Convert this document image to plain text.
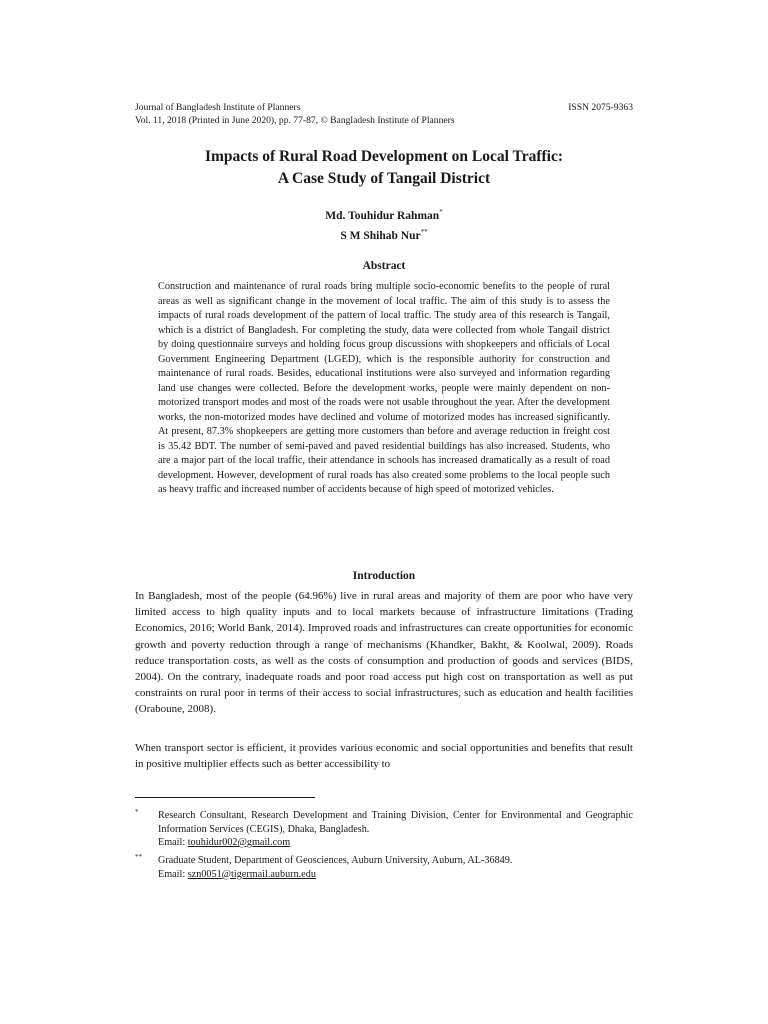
Journal of Bangladesh Institute of Planners	ISSN 2075-9363
Vol. 11, 2018 (Printed in June 2020), pp. 77-87, © Bangladesh Institute of Planners
Impacts of Rural Road Development on Local Traffic:
A Case Study of Tangail District
Md. Touhidur Rahman*
S M Shihab Nur**
Abstract

Construction and maintenance of rural roads bring multiple socio-economic benefits to the people of rural areas as well as significant change in the movement of local traffic. The aim of this study is to assess the impacts of rural roads development of the pattern of local traffic. The study area of this research is Tangail, which is a district of Bangladesh. For completing the study, data were collected from whole Tangail district by doing questionnaire surveys and holding focus group discussions with shopkeepers and officials of Local Government Engineering Department (LGED), which is the responsible authority for construction and maintenance of rural roads. Besides, educational institutions were also surveyed and information regarding land use changes were collected. Before the development works, people were mainly dependent on non-motorized transport modes and most of the roads were not usable throughout the year. After the development works, the non-motorized modes have declined and volume of motorized modes has increased significantly. At present, 87.3% shopkeepers are getting more customers than before and average reduction in freight cost is 35.42 BDT. The number of semi-paved and paved residential buildings has also increased. Students, who are a major part of the local traffic, their attendance in schools has increased dramatically as a result of road development. However, development of rural roads has also created some problems to the local people such as heavy traffic and increased number of accidents because of high speed of motorized vehicles.

Introduction

In Bangladesh, most of the people (64.96%) live in rural areas and majority of them are poor who have very limited access to high quality inputs and to local markets because of infrastructure limitations (Trading Economics, 2016; World Bank, 2014). Improved roads and infrastructures can create opportunities for economic growth and poverty reduction through a range of mechanisms (Khandker, Bakht, & Koolwal, 2009). Roads reduce transportation costs, as well as the costs of consumption and production of goods and services (BIDS, 2004). On the contrary, inadequate roads and poor road access put high cost on transportation as well as put constraints on rural poor in terms of their access to social infrastructures, such as education and health facilities (Oraboune, 2008).

When transport sector is efficient, it provides various economic and social opportunities and benefits that result in positive multiplier effects such as better accessibility to

* Research Consultant, Research Development and Training Division, Center for Environmental and Geographic Information Services (CEGIS), Dhaka, Bangladesh.
Email: touhidur002@gmail.com
** Graduate Student, Department of Geosciences, Auburn University, Auburn, AL-36849.
Email: szn0051@tigermail.auburn.edu
